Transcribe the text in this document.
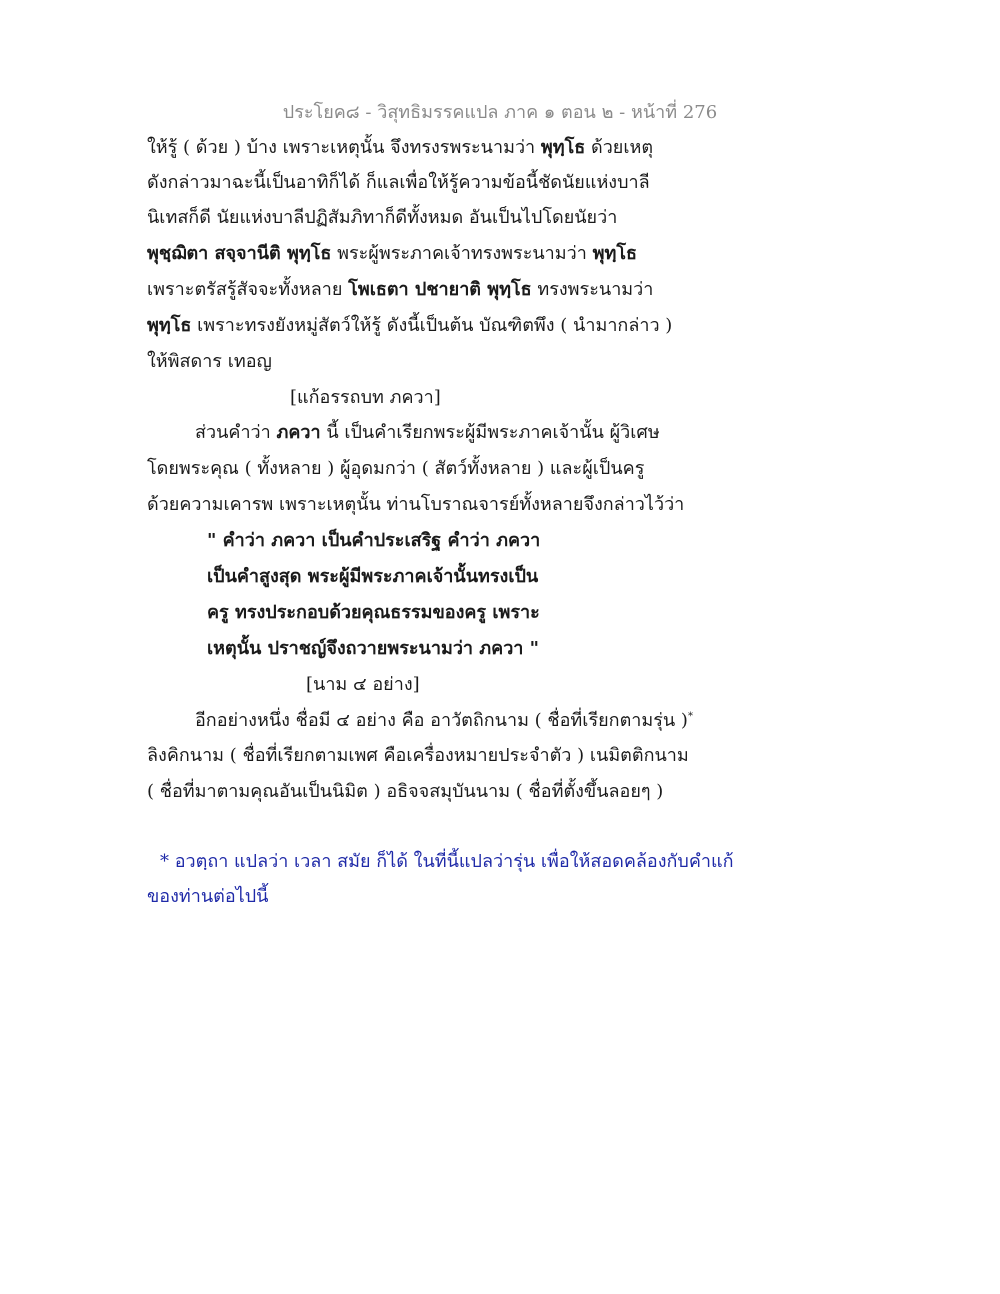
ประโยค๘ - วิสุทธิมรรคแปล ภาค ๑ ตอน ๒ - หน้าที่ 276
ให้รู้ ( ด้วย ) บ้าง เพราะเหตุนั้น จึงทรงรพระนามว่า พุทฺโธ ด้วยเหตุ
ดังกล่าวมาฉะนี้เป็นอาทิก็ได้ ก็แลเพื่อให้รู้ความข้อนี้ชัดนัยแห่งบาลี
นิเทสก็ดี นัยแห่งบาลีปฏิสัมภิทาก็ดีทั้งหมด อันเป็นไปโดยนัยว่า
พุชฺฌิตา สจฺจานีติ พุทฺโธ พระผู้พระภาคเจ้าทรงพระนามว่า พุทฺโธ
เพราะตรัสรู้สัจจะทั้งหลาย โพเธตา ปชายาติ พุทฺโธ ทรงพระนามว่า
พุทฺโธ เพราะทรงยังหมู่สัตว์ให้รู้ ดังนี้เป็นต้น บัณฑิตพึง ( นำมากล่าว )
ให้พิสดาร เทอญ
[แก้อรรถบท ภควา]
ส่วนคำว่า ภควา นี้ เป็นคำเรียกพระผู้มีพระภาคเจ้านั้น ผู้วิเศษ
โดยพระคุณ ( ทั้งหลาย ) ผู้อุดมกว่า ( สัตว์ทั้งหลาย ) และผู้เป็นครู
ด้วยความเคารพ เพราะเหตุนั้น ท่านโบราณจารย์ทั้งหลายจึงกล่าวไว้ว่า
" คำว่า ภควา เป็นคำประเสริฐ คำว่า ภควา
เป็นคำสูงสุด พระผู้มีพระภาคเจ้านั้นทรงเป็น
ครู ทรงประกอบด้วยคุณธรรมของครู เพราะ
เหตุนั้น ปราชญ์จึงถวายพระนามว่า ภควา "
[นาม ๔ อย่าง]
อีกอย่างหนึ่ง ชื่อมี ๔ อย่าง คือ อาวัตถิกนาม ( ชื่อที่เรียกตามรุ่น )*
ลิงคิกนาม ( ชื่อที่เรียกตามเพศ คือเครื่องหมายประจำตัว ) เนมิตติกนาม
( ชื่อที่มาตามคุณอันเป็นนิมิต ) อธิจจสมุบันนาม ( ชื่อที่ตั้งขึ้นลอยๆ )
* อวตฺถา แปลว่า เวลา สมัย ก็ได้ ในที่นี้แปลว่ารุ่น เพื่อให้สอดคล้องกับคำแก้
ของท่านต่อไปนี้
